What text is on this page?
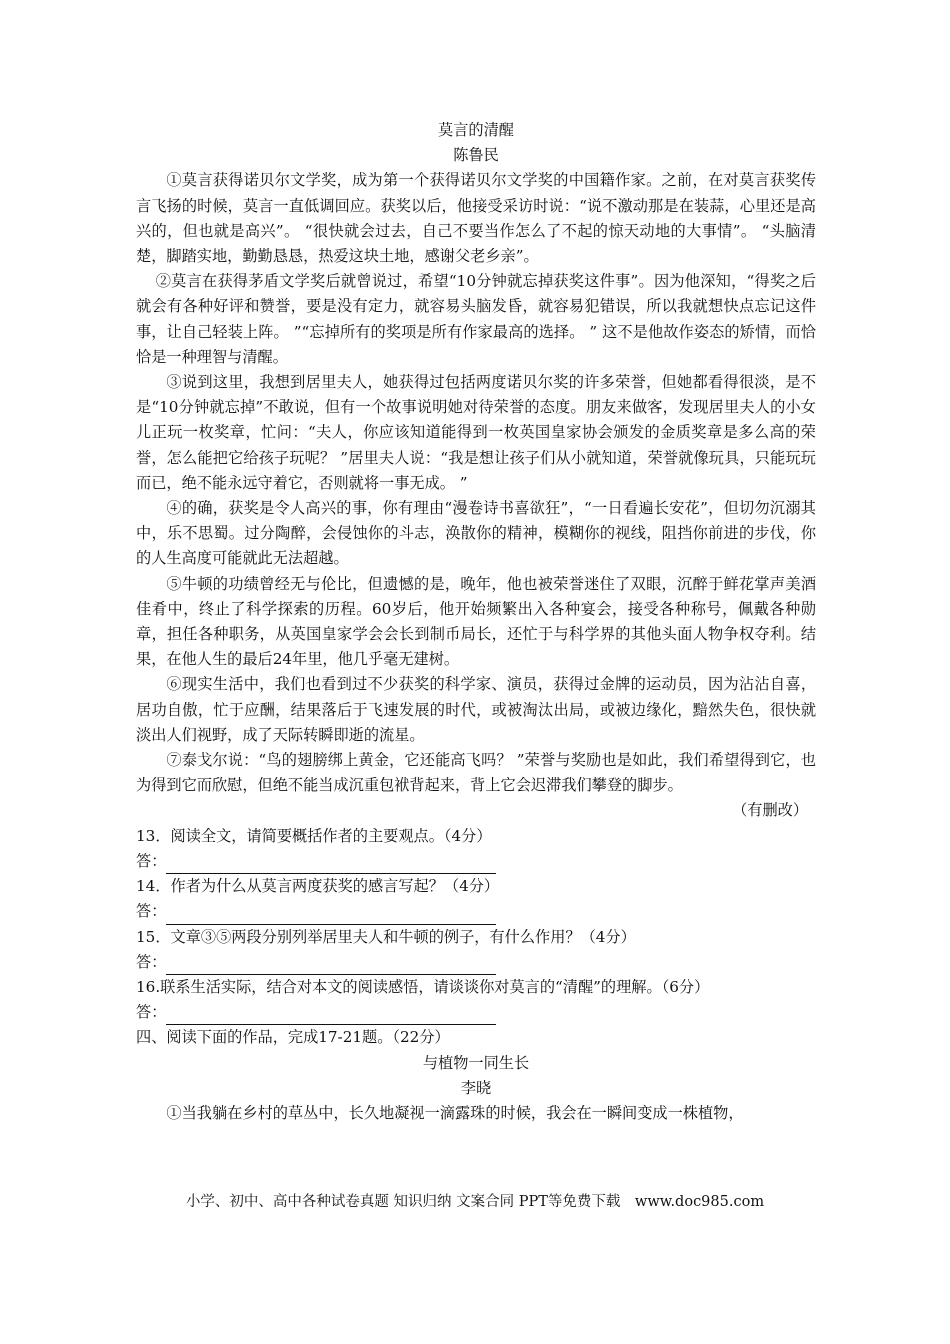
莫言的清醒
陈鲁民

①莫言获得诺贝尔文学奖，成为第一个获得诺贝尔文学奖的中国籍作家。之前，在对莫言获奖传言飞扬的时候，莫言一直低调回应。获奖以后，他接受采访时说：“说不激动那是在装蒜，心里还是高兴的，但也就是高兴”。 “很快就会过去，自己不要当作怎么了不起的惊天动地的大事情”。 “头脑清楚，脚踏实地，勤勤恳恳，热爱这块土地，感谢父老乡亲”。

②莫言在获得茅盾文学奖后就曾说过，希望“10分钟就忘掉获奖这件事”。因为他深知，“得奖之后就会有各种好评和赞誉，要是没有定力，就容易头脑发昏，就容易犯错误，所以我就想快点忘记这件事，让自己轻装上阵。 ”“忘掉所有的奖项是所有作家最高的选择。 ” 这不是他故作姿态的矫情，而恰恰是一种理智与清醒。

③说到这里，我想到居里夫人，她获得过包括两度诺贝尔奖的许多荣誉，但她都看得很淡，是不是“10分钟就忘掉”不敢说，但有一个故事说明她对待荣誉的态度。朋友来做客，发现居里夫人的小女儿正玩一枚奖章，忙问：“夫人，你应该知道能得到一枚英国皇家协会颁发的金质奖章是多么高的荣誉，怎么能把它给孩子玩呢？ ”居里夫人说：“我是想让孩子们从小就知道，荣誉就像玩具，只能玩玩而已，绝不能永远守着它，否则就将一事无成。 ”

④的确，获奖是令人高兴的事，你有理由“漫卷诗书喜欲狂”，“一日看遍长安花”，但切勿沉溺其中，乐不思蜀。过分陶醉，会侵蚀你的斗志，涣散你的精神，模糊你的视线，阻挡你前进的步伐，你的人生高度可能就此无法超越。

⑤牛顿的功绩曾经无与伦比，但遗憾的是，晚年，他也被荣誉迷住了双眼，沉醉于鲜花掌声美酒佳肴中，终止了科学探索的历程。60岁后，他开始频繁出入各种宴会，接受各种称号，佩戴各种勋章，担任各种职务，从英国皇家学会会长到制币局长，还忙于与科学界的其他头面人物争权夺利。结果，在他人生的最后24年里，他几乎毫无建树。

⑥现实生活中，我们也看到过不少获奖的科学家、演员，获得过金牌的运动员，因为沾沾自喜，居功自傲，忙于应酬，结果落后于飞速发展的时代，或被淘汰出局，或被边缘化，黯然失色，很快就淡出人们视野，成了天际转瞬即逝的流星。

⑦泰戈尔说：“鸟的翅膀绑上黄金，它还能高飞吗？ ”荣誉与奖励也是如此，我们希望得到它，也为得到它而欣慰，但绝不能当成沉重包袱背起来，背上它会迟滞我们攀登的脚步。

（有删改）

13．阅读全文，请简要概括作者的主要观点。（4分）

答：

14．作者为什么从莫言两度获奖的感言写起？（4分）

答：

15．文章③⑤两段分别列举居里夫人和牛顿的例子，有什么作用？（4分）

答：

16.联系生活实际，结合对本文的阅读感悟，请谈谈你对莫言的“清醒”的理解。（6分）

答：

四、阅读下面的作品，完成17-21题。（22分）

与植物一同生长
李晓

①当我躺在乡村的草丛中，长久地凝视一滴露珠的时候，我会在一瞬间变成一株植物，

小学、初中、高中各种试卷真题 知识归纳 文案合同 PPT等免费下载　www.doc985.com
